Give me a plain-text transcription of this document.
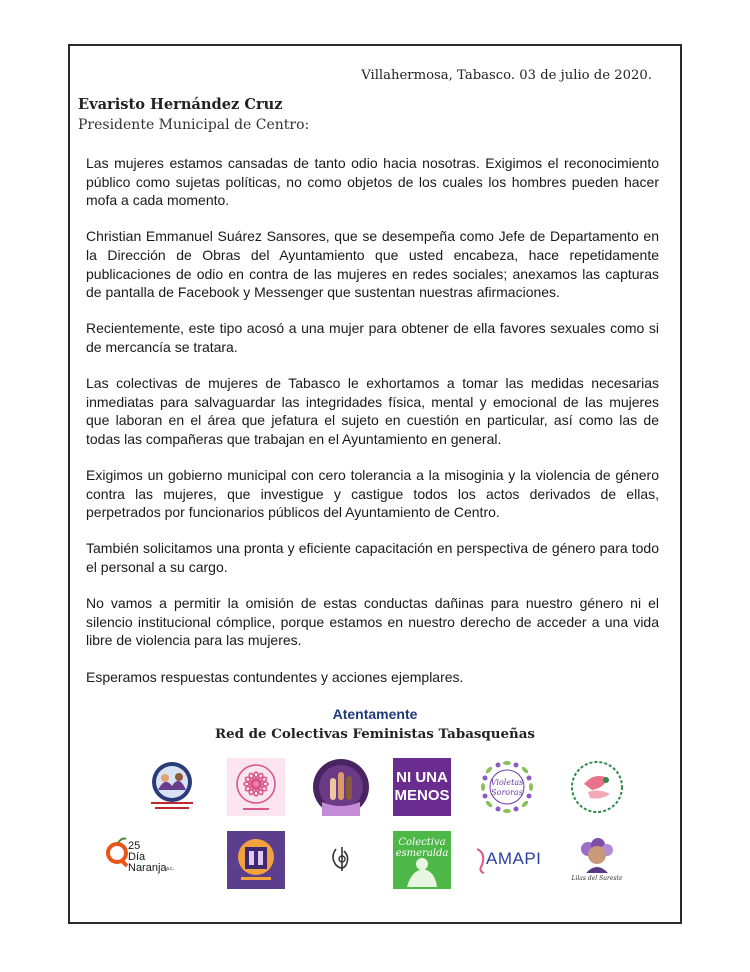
Villahermosa, Tabasco. 03 de julio de 2020.
Evaristo Hernández Cruz
Presidente Municipal de Centro:

Las mujeres estamos cansadas de tanto odio hacia nosotras. Exigimos el reconocimiento público como sujetas políticas, no como objetos de los cuales los hombres pueden hacer mofa a cada momento.

Christian Emmanuel Suárez Sansores, que se desempeña como Jefe de Departamento en la Dirección de Obras del Ayuntamiento que usted encabeza, hace repetidamente publicaciones de odio en contra de las mujeres en redes sociales; anexamos las capturas de pantalla de Facebook y Messenger que sustentan nuestras afirmaciones.

Recientemente, este tipo acosó a una mujer para obtener de ella favores sexuales como si de mercancía se tratara.

Las colectivas de mujeres de Tabasco le exhortamos a tomar las medidas necesarias inmediatas para salvaguardar las integridades física, mental y emocional de las mujeres que laboran en el área que jefatura el sujeto en cuestión en particular, así como las de todas las compañeras que trabajan en el Ayuntamiento en general.

Exigimos un gobierno municipal con cero tolerancia a la misoginia y la violencia de género contra las mujeres, que investigue y castigue todos los actos derivados de ellas, perpetrados por funcionarios públicos del Ayuntamiento de Centro.

También solicitamos una pronta y eficiente capacitación en perspectiva de género para todo el personal a su cargo.

No vamos a permitir la omisión de estas conductas dañinas para nuestro género ni el silencio institucional cómplice, porque estamos en nuestro derecho de acceder a una vida libre de violencia para las mujeres.

Esperamos respuestas contundentes y acciones ejemplares.

Atentamente
Red de Colectivas Feministas Tabasqueñas
NI UNA
MENOS
Violetas
Sororas
25
Día
Naranja a.c.
Colectiva
esmeralda AMAPI
Lilas del Sureste
